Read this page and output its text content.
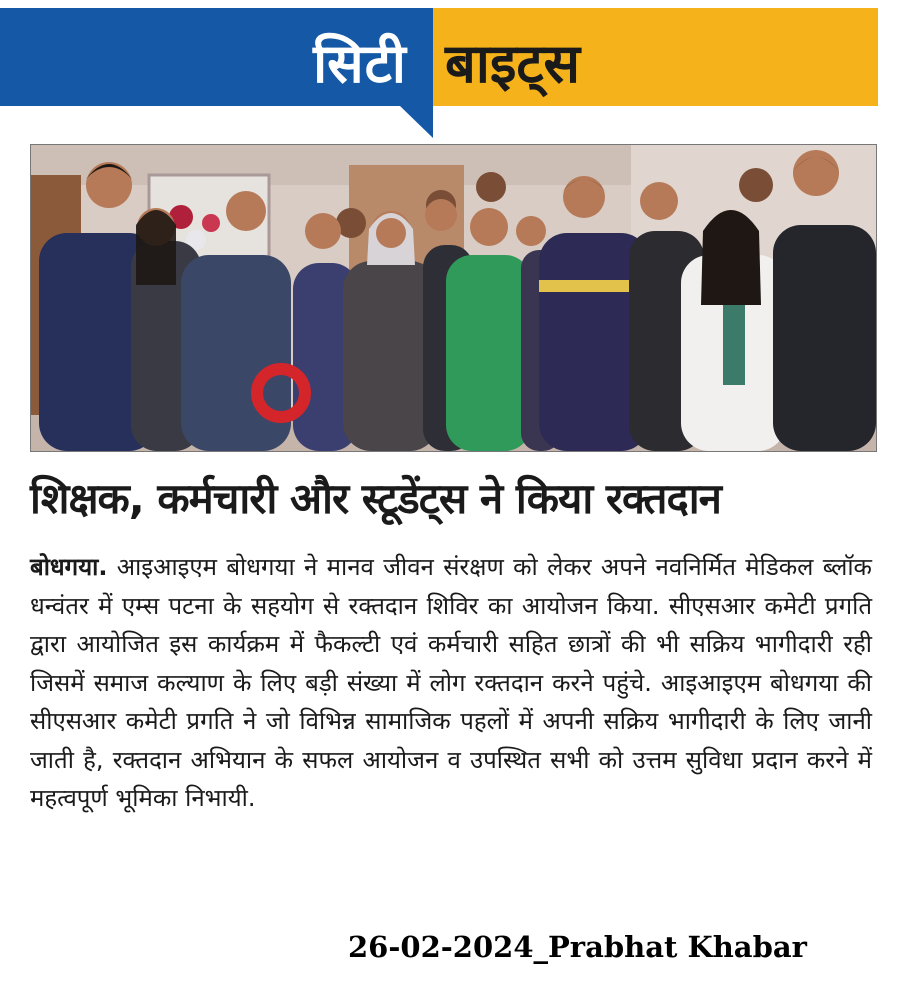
सिटी बाइट्स
शिक्षक, कर्मचारी और स्टूडेंट्स ने किया रक्तदान
बोधगया. आइआइएम बोधगया ने मानव जीवन संरक्षण को लेकर अपने नवनिर्मित मेडिकल ब्लॉक धन्वंतर में एम्स पटना के सहयोग से रक्तदान शिविर का आयोजन किया. सीएसआर कमेटी प्रगति द्वारा आयोजित इस कार्यक्रम में फैकल्टी एवं कर्मचारी सहित छात्रों की भी सक्रिय भागीदारी रही जिसमें समाज कल्याण के लिए बड़ी संख्या में लोग रक्तदान करने पहुंचे. आइआइएम बोधगया की सीएसआर कमेटी प्रगति ने जो विभिन्न सामाजिक पहलों में अपनी सक्रिय भागीदारी के लिए जानी जाती है, रक्तदान अभियान के सफल आयोजन व उपस्थित सभी को उत्तम सुविधा प्रदान करने में महत्वपूर्ण भूमिका निभायी.
26-02-2024_Prabhat Khabar
